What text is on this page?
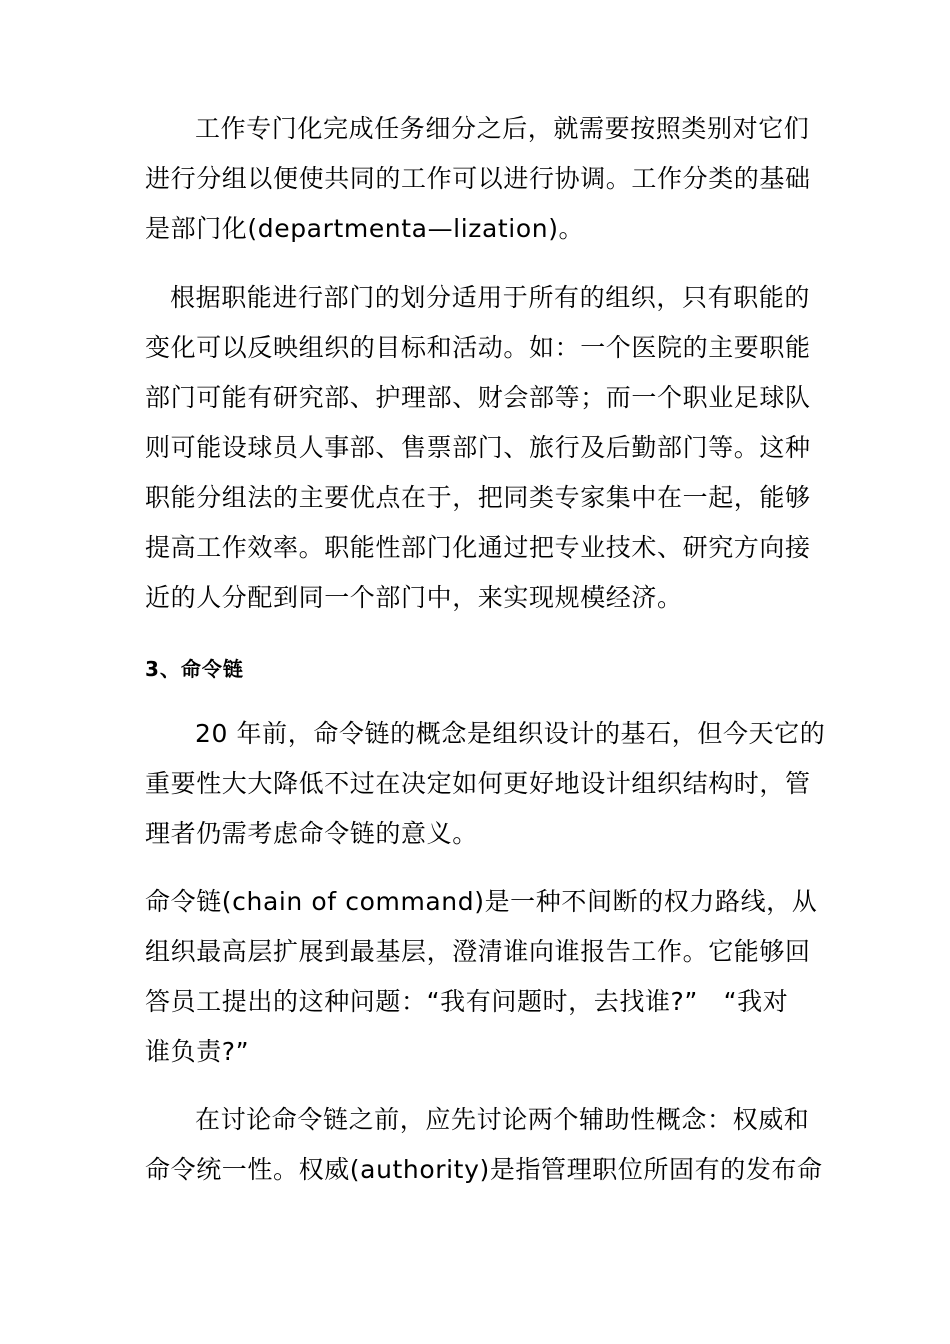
工作专门化完成任务细分之后，就需要按照类别对它们
进行分组以便使共同的工作可以进行协调。工作分类的基础
是部门化(departmenta—lization)。
根据职能进行部门的划分适用于所有的组织，只有职能的
变化可以反映组织的目标和活动。如：一个医院的主要职能
部门可能有研究部、护理部、财会部等；而一个职业足球队
则可能设球员人事部、售票部门、旅行及后勤部门等。这种
职能分组法的主要优点在于，把同类专家集中在一起，能够
提高工作效率。职能性部门化通过把专业技术、研究方向接
近的人分配到同一个部门中，来实现规模经济。
3、命令链
20 年前，命令链的概念是组织设计的基石，但今天它的
重要性大大降低不过在决定如何更好地设计组织结构时，管
理者仍需考虑命令链的意义。
命令链(chain of command)是一种不间断的权力路线，从
组织最高层扩展到最基层，澄清谁向谁报告工作。它能够回
答员工提出的这种问题：“我有问题时，去找谁?”　“我对
谁负责?”
在讨论命令链之前，应先讨论两个辅助性概念：权威和
命令统一性。权威(authority)是指管理职位所固有的发布命
